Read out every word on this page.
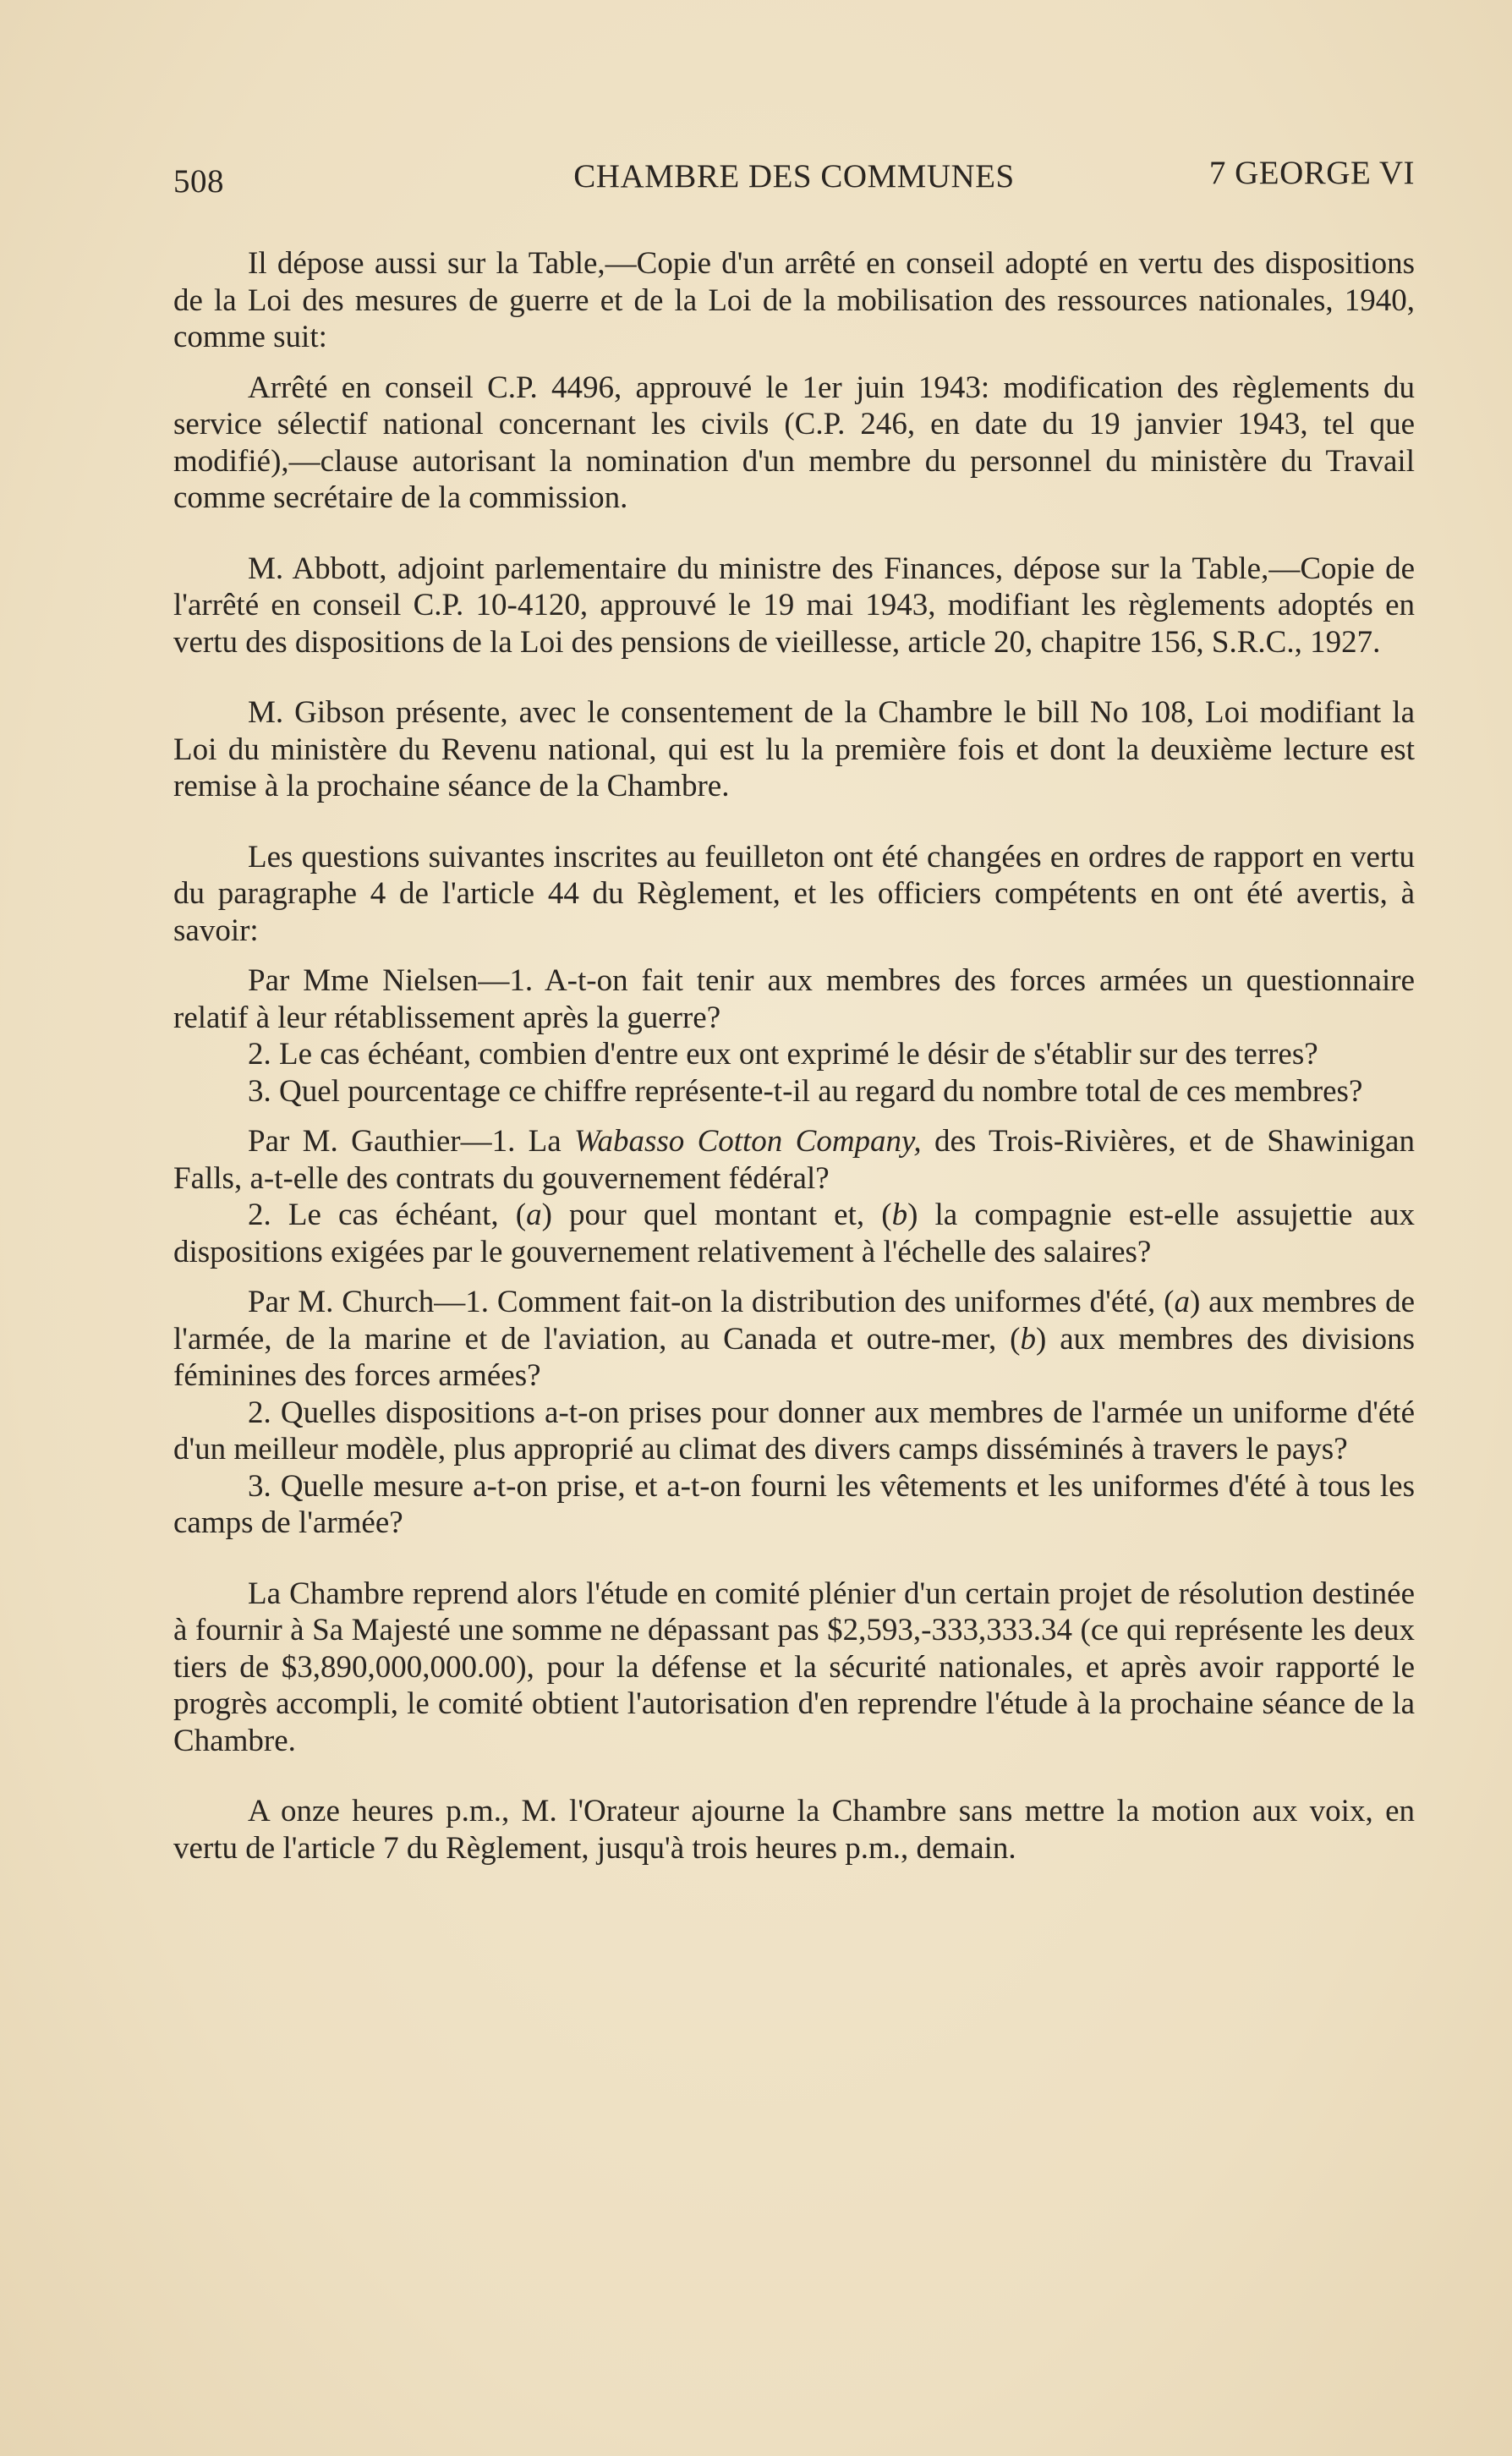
508	CHAMBRE DES COMMUNES	7 GEORGE VI

Il dépose aussi sur la Table,—Copie d'un arrêté en conseil adopté en vertu des dispositions de la Loi des mesures de guerre et de la Loi de la mobilisation des ressources nationales, 1940, comme suit:

Arrêté en conseil C.P. 4496, approuvé le 1er juin 1943: modification des règlements du service sélectif national concernant les civils (C.P. 246, en date du 19 janvier 1943, tel que modifié),—clause autorisant la nomination d'un membre du personnel du ministère du Travail comme secrétaire de la commission.

M. Abbott, adjoint parlementaire du ministre des Finances, dépose sur la Table,—Copie de l'arrêté en conseil C.P. 10-4120, approuvé le 19 mai 1943, modifiant les règlements adoptés en vertu des dispositions de la Loi des pensions de vieillesse, article 20, chapitre 156, S.R.C., 1927.

M. Gibson présente, avec le consentement de la Chambre le bill No 108, Loi modifiant la Loi du ministère du Revenu national, qui est lu la première fois et dont la deuxième lecture est remise à la prochaine séance de la Chambre.

Les questions suivantes inscrites au feuilleton ont été changées en ordres de rapport en vertu du paragraphe 4 de l'article 44 du Règlement, et les officiers compétents en ont été avertis, à savoir:

Par Mme Nielsen—1. A-t-on fait tenir aux membres des forces armées un questionnaire relatif à leur rétablissement après la guerre?

2. Le cas échéant, combien d'entre eux ont exprimé le désir de s'établir sur des terres?

3. Quel pourcentage ce chiffre représente-t-il au regard du nombre total de ces membres?

Par M. Gauthier—1. La Wabasso Cotton Company, des Trois-Rivières, et de Shawinigan Falls, a-t-elle des contrats du gouvernement fédéral?

2. Le cas échéant, (a) pour quel montant et, (b) la compagnie est-elle assujettie aux dispositions exigées par le gouvernement relativement à l'échelle des salaires?

Par M. Church—1. Comment fait-on la distribution des uniformes d'été, (a) aux membres de l'armée, de la marine et de l'aviation, au Canada et outre-mer, (b) aux membres des divisions féminines des forces armées?

2. Quelles dispositions a-t-on prises pour donner aux membres de l'armée un uniforme d'été d'un meilleur modèle, plus approprié au climat des divers camps disséminés à travers le pays?

3. Quelle mesure a-t-on prise, et a-t-on fourni les vêtements et les uniformes d'été à tous les camps de l'armée?

La Chambre reprend alors l'étude en comité plénier d'un certain projet de résolution destinée à fournir à Sa Majesté une somme ne dépassant pas $2,593,-333,333.34 (ce qui représente les deux tiers de $3,890,000,000.00), pour la défense et la sécurité nationales, et après avoir rapporté le progrès accompli, le comité obtient l'autorisation d'en reprendre l'étude à la prochaine séance de la Chambre.

A onze heures p.m., M. l'Orateur ajourne la Chambre sans mettre la motion aux voix, en vertu de l'article 7 du Règlement, jusqu'à trois heures p.m., demain.
